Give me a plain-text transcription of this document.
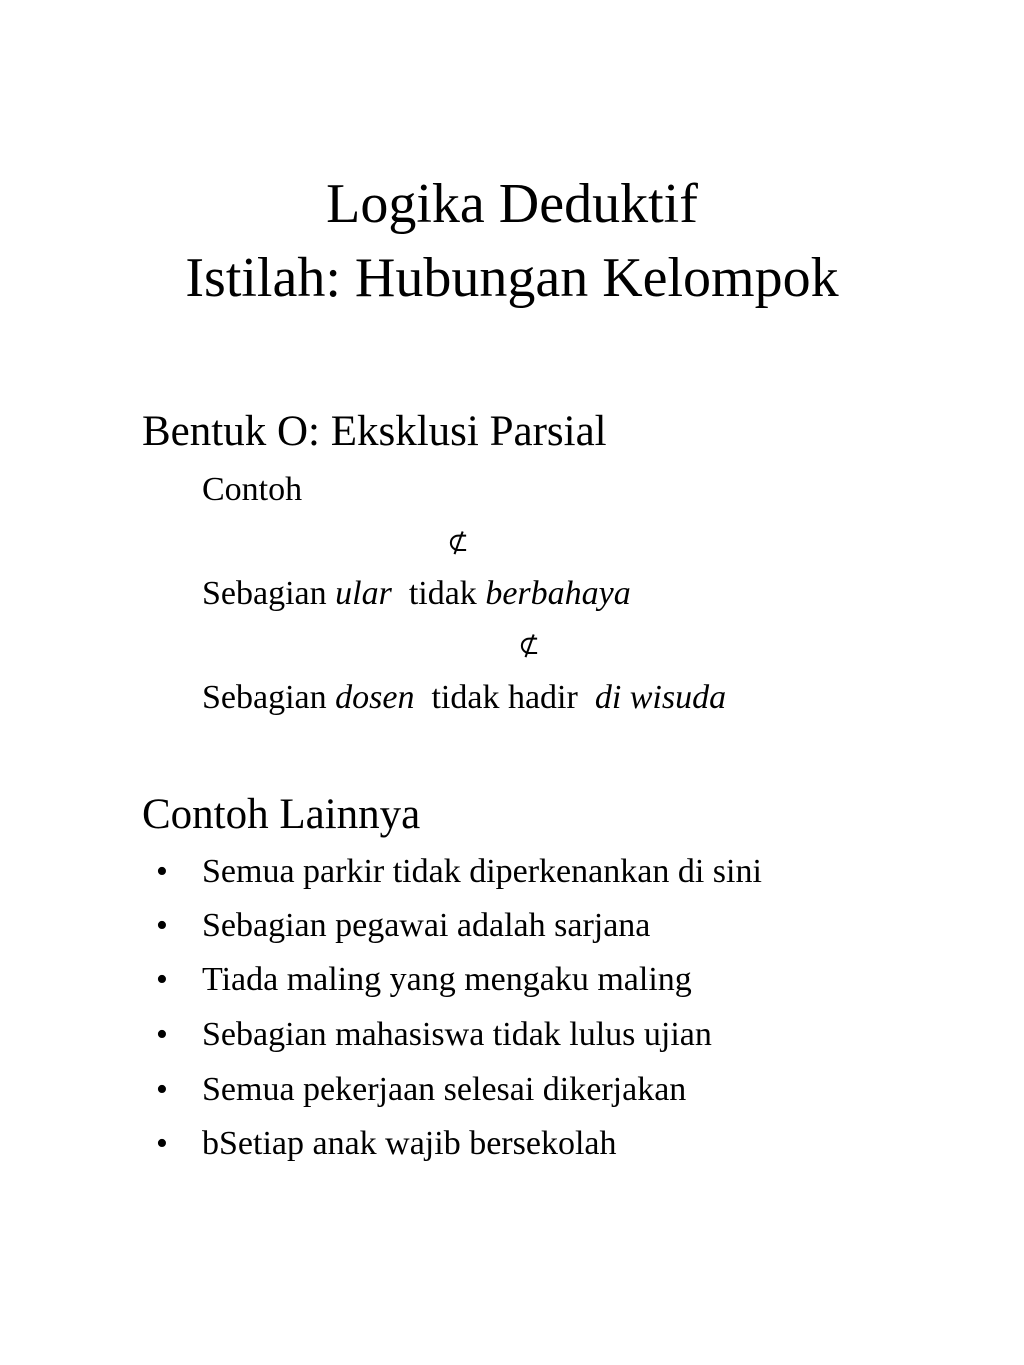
Logika Deduktif
Istilah: Hubungan Kelompok
Bentuk O: Eksklusi Parsial
Contoh
⊄
Sebagian ular tidak berbahaya
⊄
Sebagian dosen tidak hadir di wisuda
Contoh Lainnya
• Semua parkir tidak diperkenankan di sini
• Sebagian pegawai adalah sarjana
• Tiada maling yang mengaku maling
• Sebagian mahasiswa tidak lulus ujian
• Semua pekerjaan selesai dikerjakan
• bSetiap anak wajib bersekolah
